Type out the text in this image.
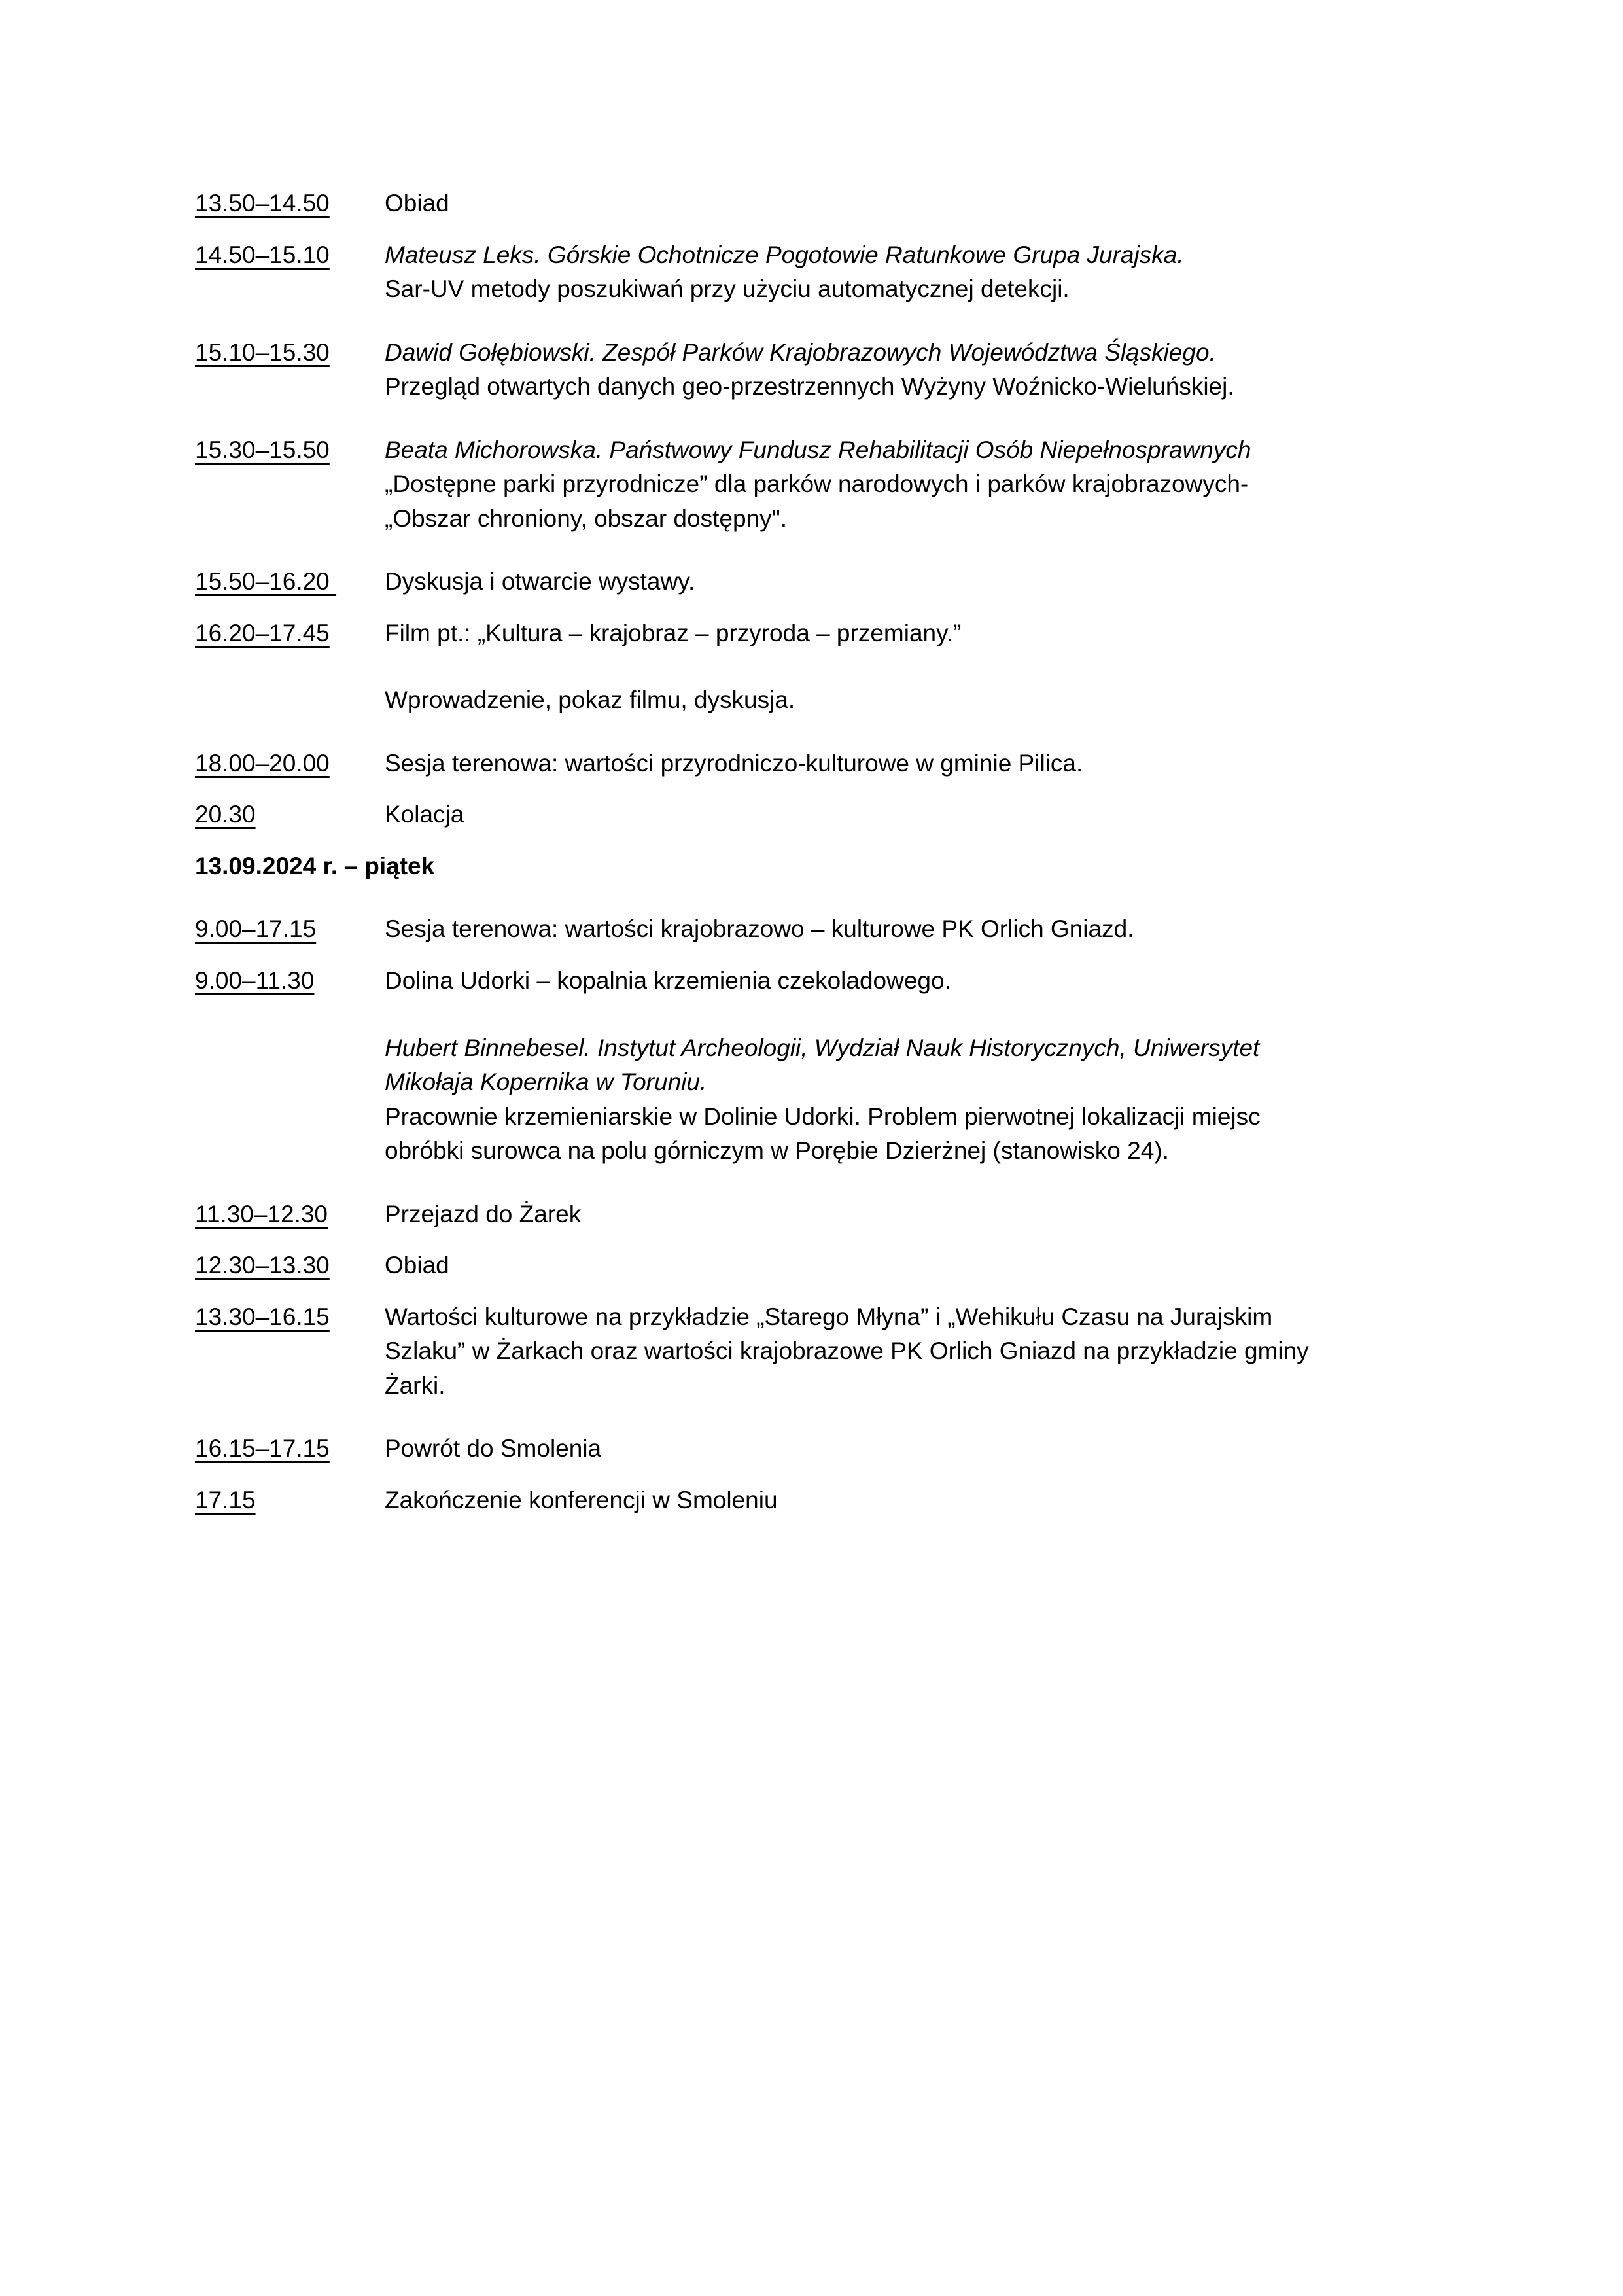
13.50–14.50	Obiad
14.50–15.10	Mateusz Leks. Górskie Ochotnicze Pogotowie Ratunkowe Grupa Jurajska.
Sar-UV metody poszukiwań przy użyciu automatycznej detekcji.
15.10–15.30	Dawid Gołębiowski. Zespół Parków Krajobrazowych Województwa Śląskiego.
Przegląd otwartych danych geo-przestrzennych Wyżyny Woźnicko-Wieluńskiej.
15.30–15.50	Beata Michorowska. Państwowy Fundusz Rehabilitacji Osób Niepełnosprawnych
„Dostępne parki przyrodnicze” dla parków narodowych i parków krajobrazowych-
„Obszar chroniony, obszar dostępny".
15.50–16.20	Dyskusja i otwarcie wystawy.
16.20–17.45	Film pt.: „Kultura – krajobraz – przyroda – przemiany.”
Wprowadzenie, pokaz filmu, dyskusja.
18.00–20.00	Sesja terenowa: wartości przyrodniczo-kulturowe w gminie Pilica.
20.30	Kolacja
13.09.2024 r. – piątek
9.00–17.15	Sesja terenowa: wartości krajobrazowo – kulturowe PK Orlich Gniazd.
9.00–11.30	Dolina Udorki – kopalnia krzemienia czekoladowego.
Hubert Binnebesel. Instytut Archeologii, Wydział Nauk Historycznych, Uniwersytet
Mikołaja Kopernika w Toruniu.
Pracownie krzemieniarskie w Dolinie Udorki. Problem pierwotnej lokalizacji miejsc
obróbki surowca na polu górniczym w Porębie Dzierżnej (stanowisko 24).
11.30–12.30	Przejazd do Żarek
12.30–13.30	Obiad
13.30–16.15	Wartości kulturowe na przykładzie „Starego Młyna” i „Wehikułu Czasu na Jurajskim
Szlaku” w Żarkach oraz wartości krajobrazowe PK Orlich Gniazd na przykładzie gminy
Żarki.
16.15–17.15	Powrót do Smolenia
17.15	Zakończenie konferencji w Smoleniu
